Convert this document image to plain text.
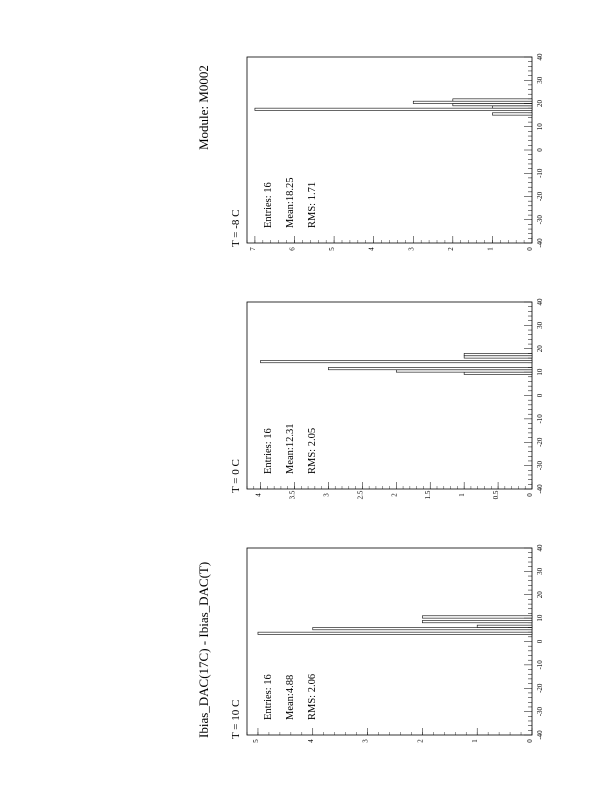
Ibias_DAC(17C) - Ibias_DAC(T)
Module: M0002
-40
-30
-20
-10
0
10
20
30
40
0
1
2
3
4
5
T = 10 C Entries: 16 Mean:4.88 RMS: 2.06
-40
-30
-20
-10
0
10
20
30
40
0
0.5
1
1.5
2
2.5
3
3.5
4
T = 0 C
Entries: 16 Mean:12.31 RMS: 2.05
-40
-30
-20
-10
0
10
20
30
40
0
1
2
3
4
5
6
7
T = -8 C
Entries: 16 Mean:18.25 RMS: 1.71
